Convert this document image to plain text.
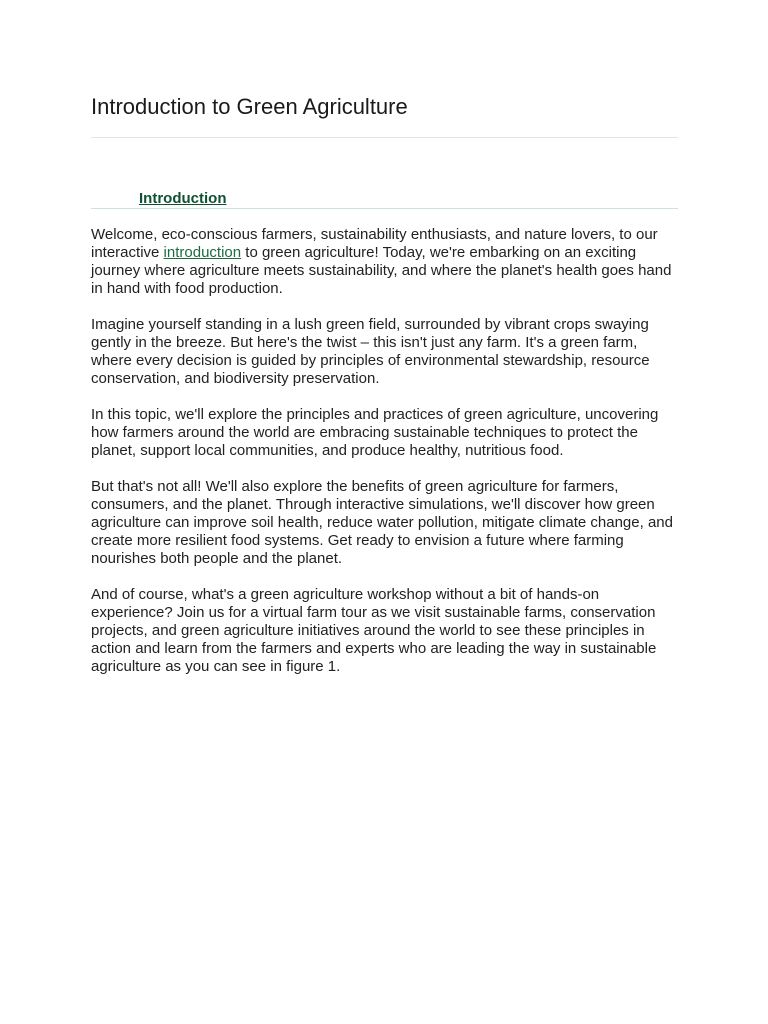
Introduction to Green Agriculture
Introduction

Welcome, eco-conscious farmers, sustainability enthusiasts, and nature lovers, to our interactive introduction to green agriculture! Today, we're embarking on an exciting journey where agriculture meets sustainability, and where the planet's health goes hand in hand with food production.

Imagine yourself standing in a lush green field, surrounded by vibrant crops swaying gently in the breeze. But here's the twist – this isn't just any farm. It's a green farm, where every decision is guided by principles of environmental stewardship, resource conservation, and biodiversity preservation.

In this topic, we'll explore the principles and practices of green agriculture, uncovering how farmers around the world are embracing sustainable techniques to protect the planet, support local communities, and produce healthy, nutritious food.

But that's not all! We'll also explore the benefits of green agriculture for farmers, consumers, and the planet. Through interactive simulations, we'll discover how green agriculture can improve soil health, reduce water pollution, mitigate climate change, and create more resilient food systems. Get ready to envision a future where farming nourishes both people and the planet.

And of course, what's a green agriculture workshop without a bit of hands-on experience? Join us for a virtual farm tour as we visit sustainable farms, conservation projects, and green agriculture initiatives around the world to see these principles in action and learn from the farmers and experts who are leading the way in sustainable agriculture as you can see in figure 1.
